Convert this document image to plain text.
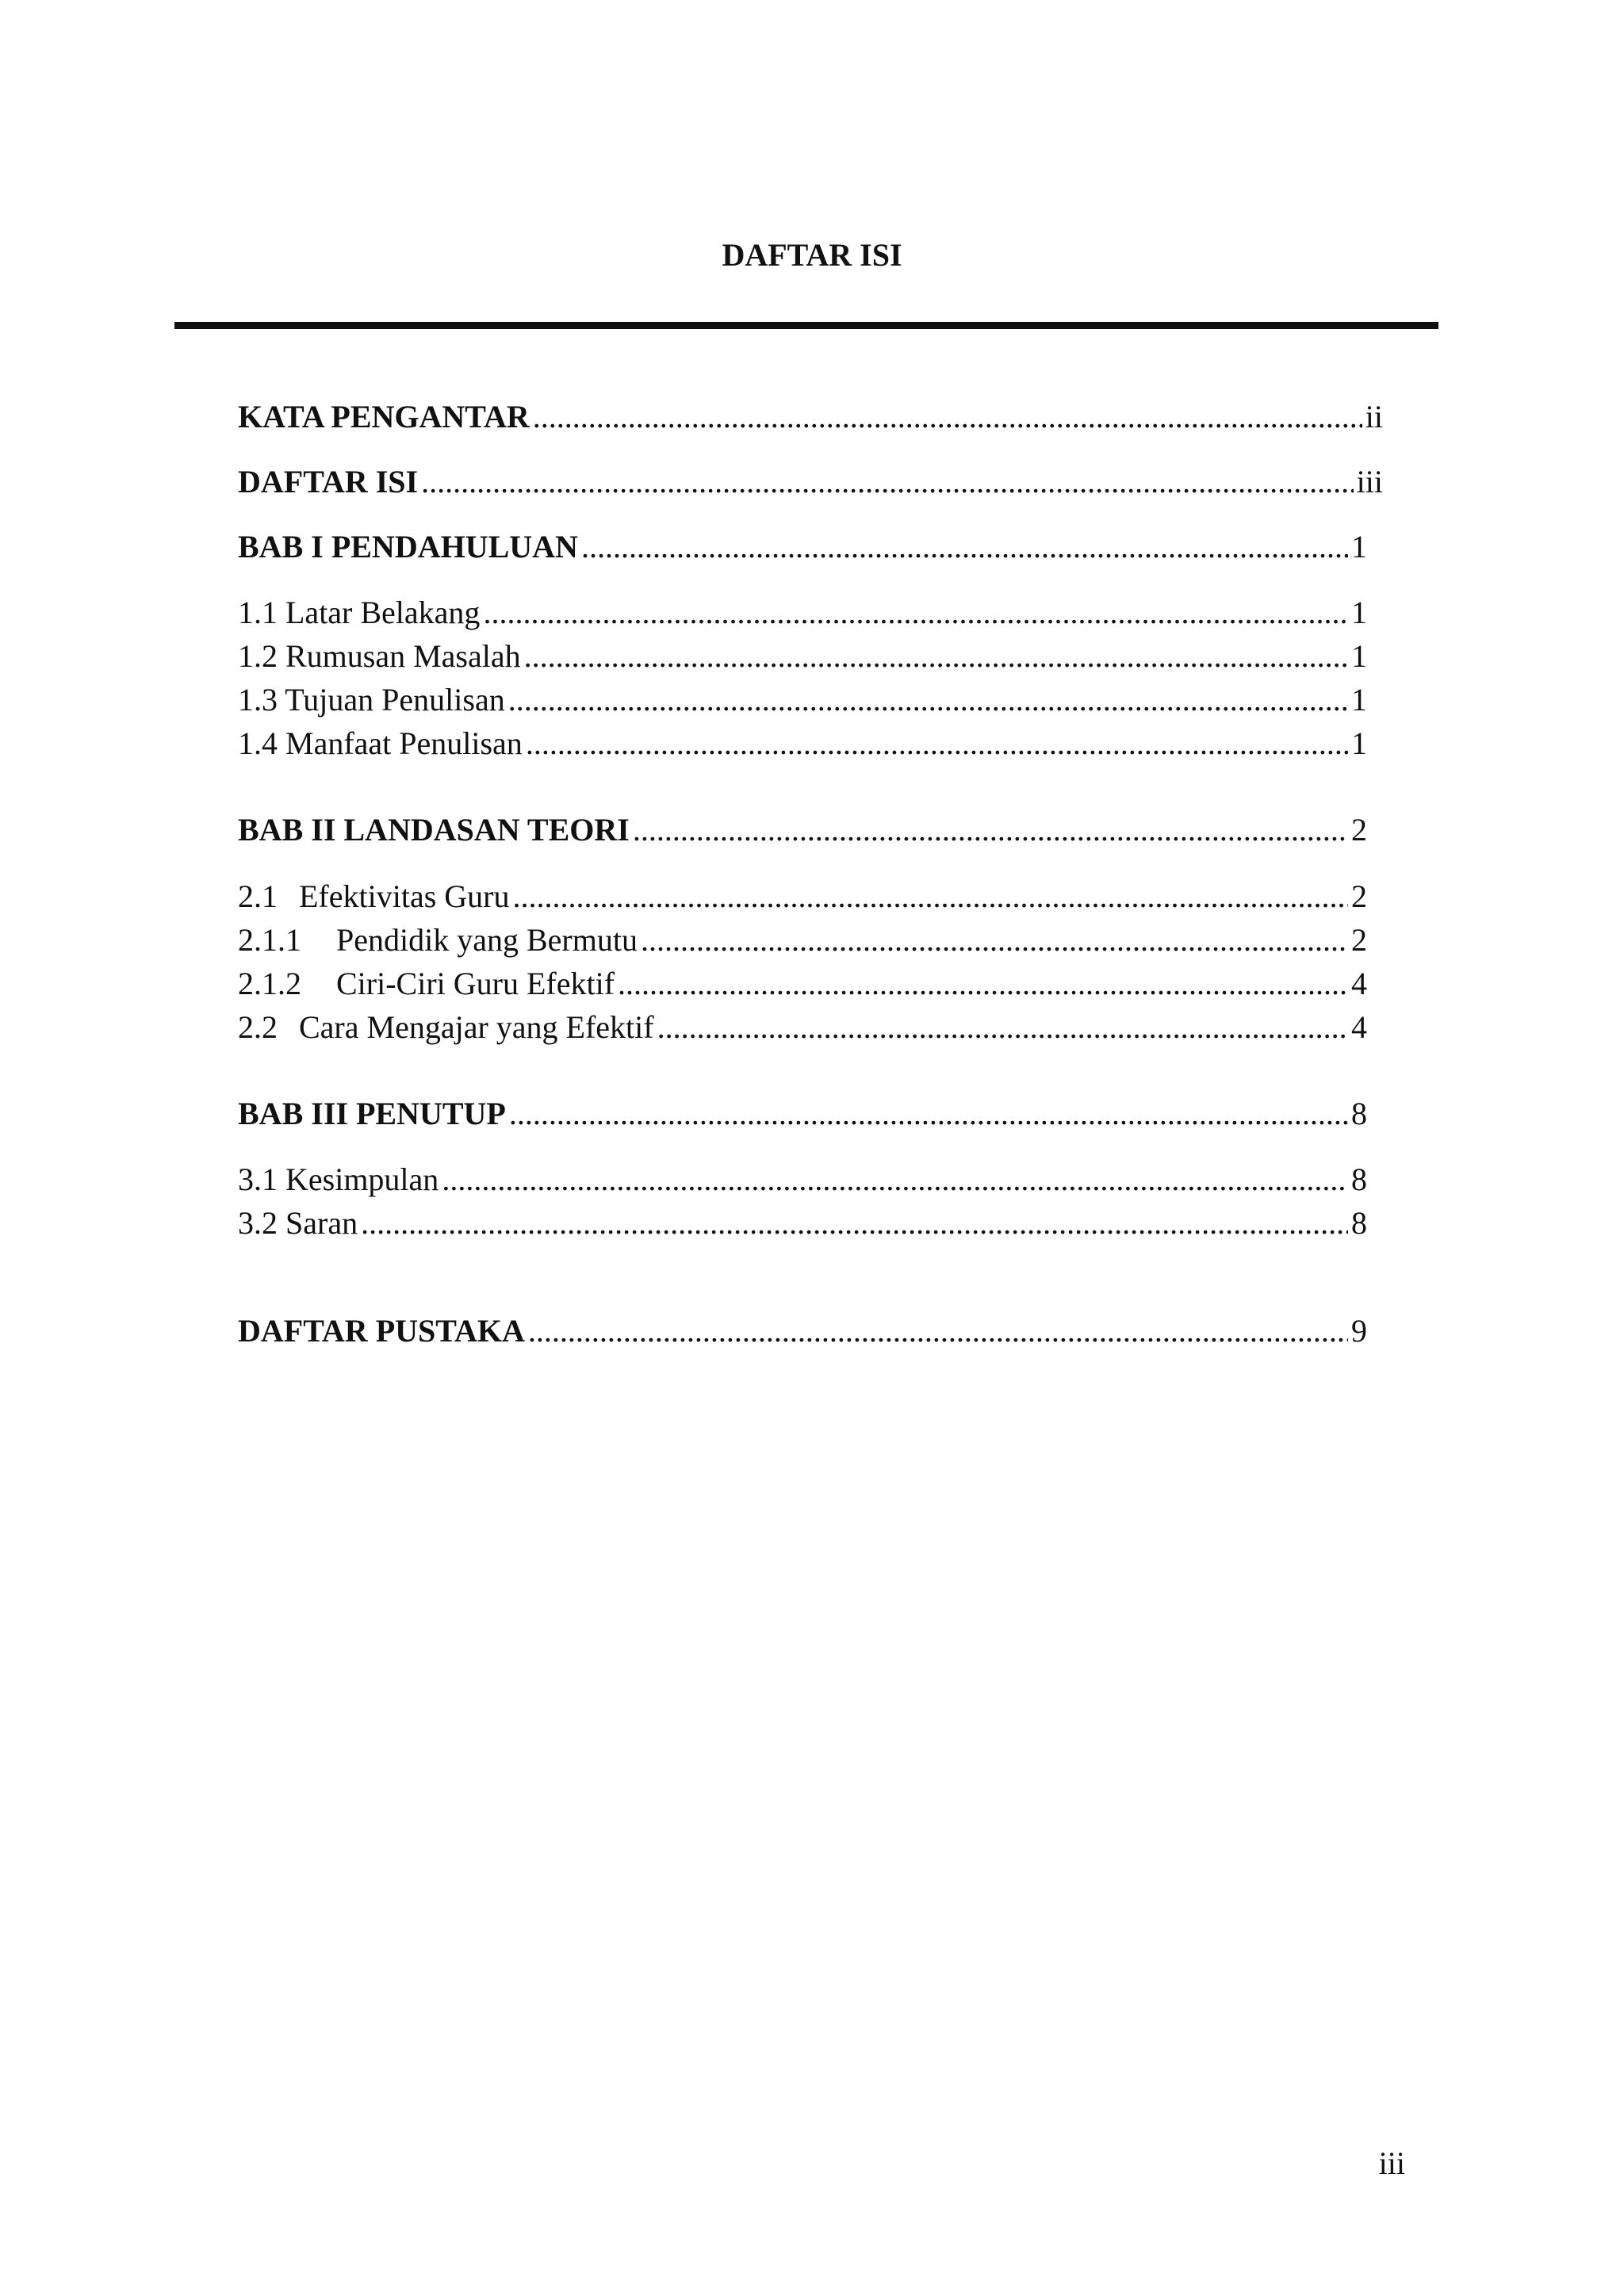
DAFTAR ISI
KATA PENGANTAR .....	ii
DAFTAR ISI .....	iii
BAB I PENDAHULUAN .....	1
1.1 Latar Belakang .....	1
1.2 Rumusan Masalah .....	1
1.3 Tujuan Penulisan .....	1
1.4 Manfaat Penulisan .....	1
BAB II LANDASAN TEORI .....	2
2.1 Efektivitas Guru .....	2
2.1.1	Pendidik yang Bermutu .....	2
2.1.2	Ciri-Ciri Guru Efektif .....	4
2.2 Cara Mengajar yang Efektif .....	4
BAB III PENUTUP .....	8
3.1 Kesimpulan .....	8
3.2 Saran .....	8
DAFTAR PUSTAKA .....	9
iii
